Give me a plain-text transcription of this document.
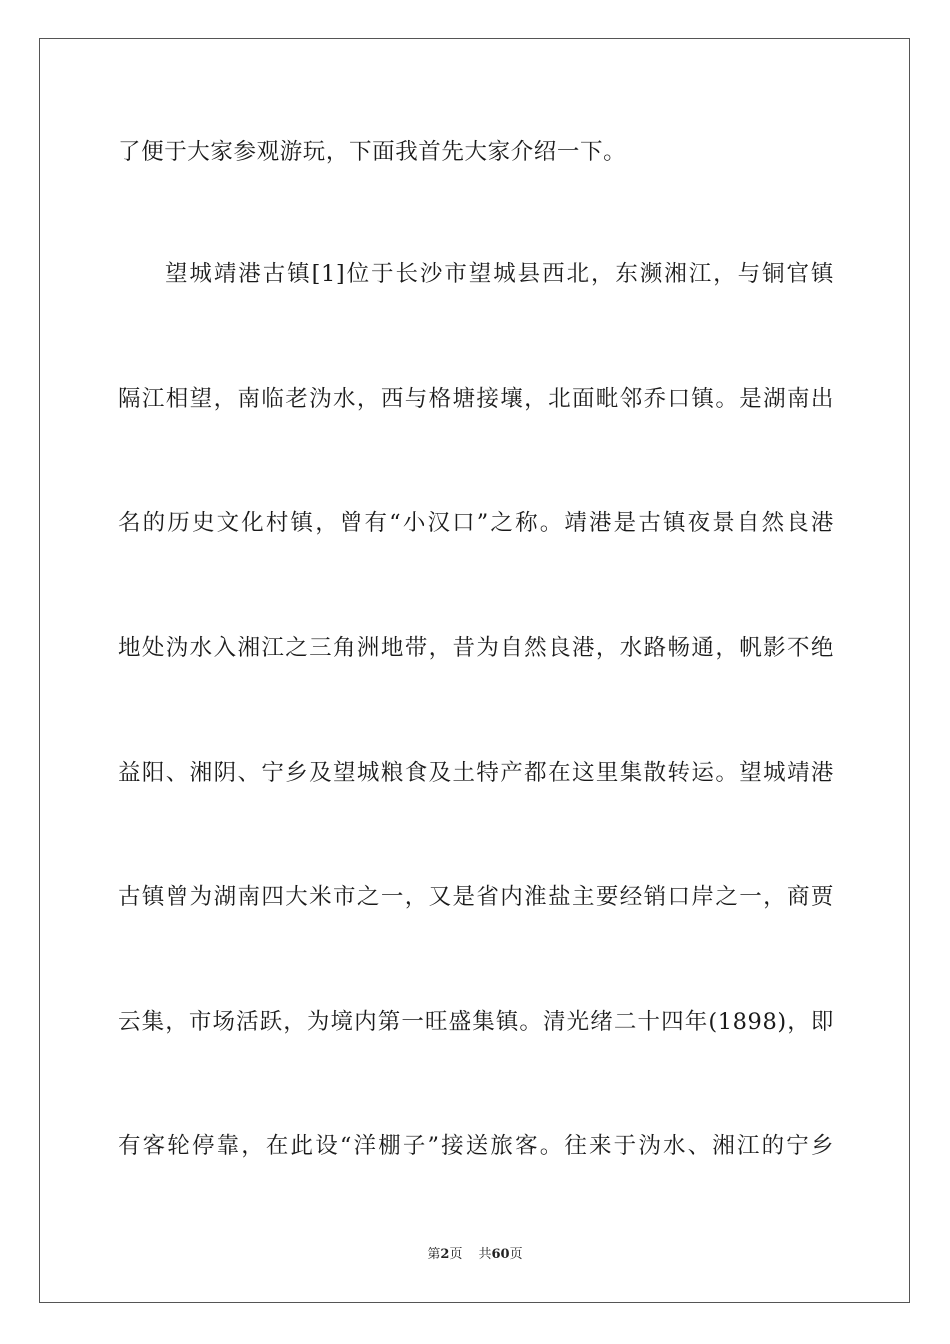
了便于大家参观游玩，下面我首先大家介绍一下。
望城靖港古镇[1]位于长沙市望城县西北，东濒湘江，与铜官镇
隔江相望，南临老沩水，西与格塘接壤，北面毗邻乔口镇。是湖南出
名的历史文化村镇，曾有“小汉口”之称。靖港是古镇夜景自然良港
地处沩水入湘江之三角洲地带，昔为自然良港，水路畅通，帆影不绝
益阳、湘阴、宁乡及望城粮食及土特产都在这里集散转运。望城靖港
古镇曾为湖南四大米市之一，又是省内淮盐主要经销口岸之一，商贾
云集，市场活跃，为境内第一旺盛集镇。清光绪二十四年(1898)，即
有客轮停靠，在此设“洋棚子”接送旅客。往来于沩水、湘江的宁乡
第2页 共60页
